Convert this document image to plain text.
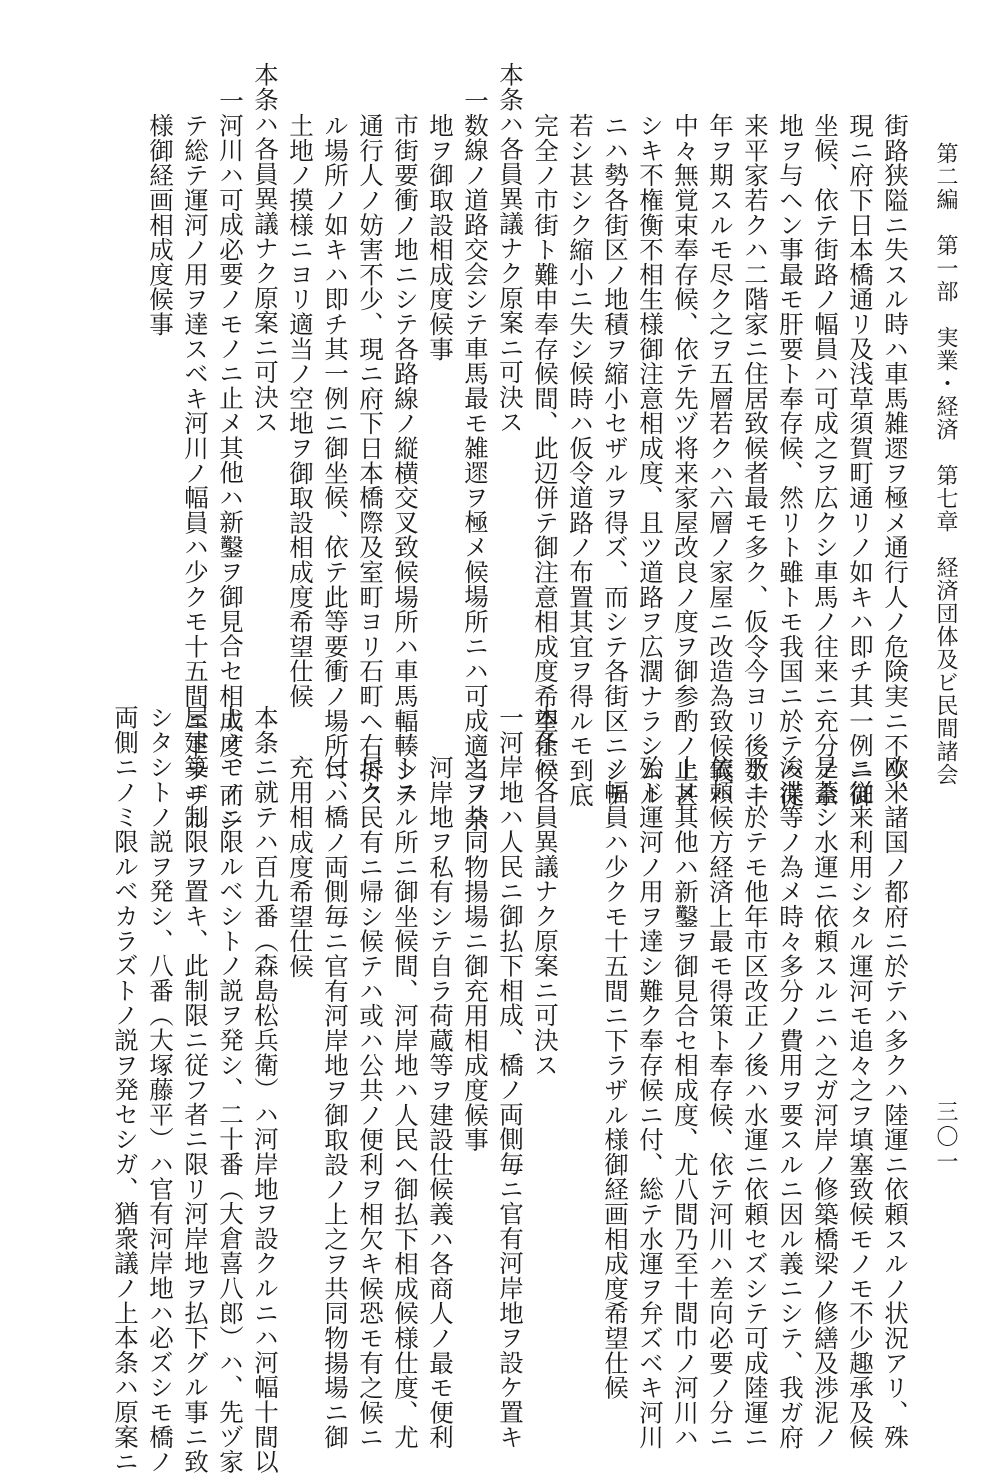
第二編　第一部　実業・経済　第七章　経済団体及ビ民間諸会
三〇一
街路狭隘ニ失スル時ハ車馬雑遝ヲ極メ通行人ノ危険実ニ不少、
現ニ府下日本橋通リ及浅草須賀町通リノ如キハ即チ其一例ニ御
坐候、依テ街路ノ幅員ハ可成之ヲ広クシ車馬ノ往来ニ充分ノ余
地ヲ与ヘン事最モ肝要ト奉存候、然リト雖トモ我国ニ於テハ従
来平家若クハ二階家ニ住居致候者最モ多ク、仮令今ヨリ後数十
年ヲ期スルモ尽ク之ヲ五層若クハ六層ノ家屋ニ改造為致候義ハ
中々無覚束奉存候、依テ先ヅ将来家屋改良ノ度ヲ御参酌ノ上甚
シキ不権衡不相生様御注意相成度、且ツ道路ヲ広濶ナラシムル
ニハ勢各街区ノ地積ヲ縮小セザルヲ得ズ、而シテ各街区ニシテ
若シ甚シク縮小ニ失シ候時ハ仮令道路ノ布置其宜ヲ得ルモ到底
完全ノ市街ト難申奉存候間、此辺併テ御注意相成度希望仕候
本条ハ各員異議ナク原案ニ可決ス
一数線ノ道路交会シテ車馬最モ雑遝ヲ極メ候場所ニハ可成適当ノ余
地ヲ御取設相成度候事
市街要衝ノ地ニシテ各路線ノ縦横交叉致候場所ハ車馬輻輳シテ
通行人ノ妨害不少、現ニ府下日本橋際及室町ヨリ石町ヘ右折ス
ル場所ノ如キハ即チ其一例ニ御坐候、依テ此等要衝ノ場所ニハ
土地ノ摸様ニヨリ適当ノ空地ヲ御取設相成度希望仕候
本条ハ各員異議ナク原案ニ可決ス
一河川ハ可成必要ノモノニ止メ其他ハ新鑿ヲ御見合セ相成度、而シ
テ総テ運河ノ用ヲ達スベキ河川ノ幅員ハ少クモ十五間ニ下ラザル
様御経画相成度候事
欧米諸国ノ都府ニ於テハ多クハ陸運ニ依頼スルノ状況アリ、殊
ニ従来利用シタル運河モ追々之ヲ填塞致候モノモ不少趣承及候
是蓋シ水運ニ依頼スルニハ之ガ河岸ノ修築橋梁ノ修繕及渉泥ノ
浚渫等ノ為メ時々多分ノ費用ヲ要スルニ因ル義ニシテ、我ガ府
下ニ於テモ他年市区改正ノ後ハ水運ニ依頼セズシテ可成陸運ニ
依頼候方経済上最モ得策ト奉存候、依テ河川ハ差向必要ノ分ニ
止メ其他ハ新鑿ヲ御見合セ相成度、尤八間乃至十間巾ノ河川ハ
殆ド運河ノ用ヲ達シ難ク奉存候ニ付、総テ水運ヲ弁ズベキ河川
ノ幅員ハ少クモ十五間ニ下ラザル様御経画相成度希望仕候
本条ハ各員異議ナク原案ニ可決ス
一河岸地ハ人民ニ御払下相成、橋ノ両側毎ニ官有河岸地ヲ設ケ置キ
之ヲ共同物揚場ニ御充用相成度候事
河岸地ヲ私有シテ自ラ荷蔵等ヲ建設仕候義ハ各商人ノ最モ便利
トスル所ニ御坐候間、河岸地ハ人民ヘ御払下相成候様仕度、尤
尽ク民有ニ帰シ候テハ或ハ公共ノ便利ヲ相欠キ候恐モ有之候ニ
付、橋ノ両側毎ニ官有河岸地ヲ御取設ノ上之ヲ共同物揚場ニ御
充用相成度希望仕候
本条ニ就テハ百九番（森島松兵衛）ハ河岸地ヲ設クルニハ河幅十間以
上ノモノニ限ルベシトノ説ヲ発シ、二十番（大倉喜八郎）ハ、先ヅ家
屋建築ニ制限ヲ置キ、此制限ニ従フ者ニ限リ河岸地ヲ払下グル事ニ致
シタシトノ説ヲ発シ、八番（大塚藤平）ハ官有河岸地ハ必ズシモ橋ノ
両側ニノミ限ルベカラズトノ説ヲ発セシガ、猶衆議ノ上本条ハ原案ニ
